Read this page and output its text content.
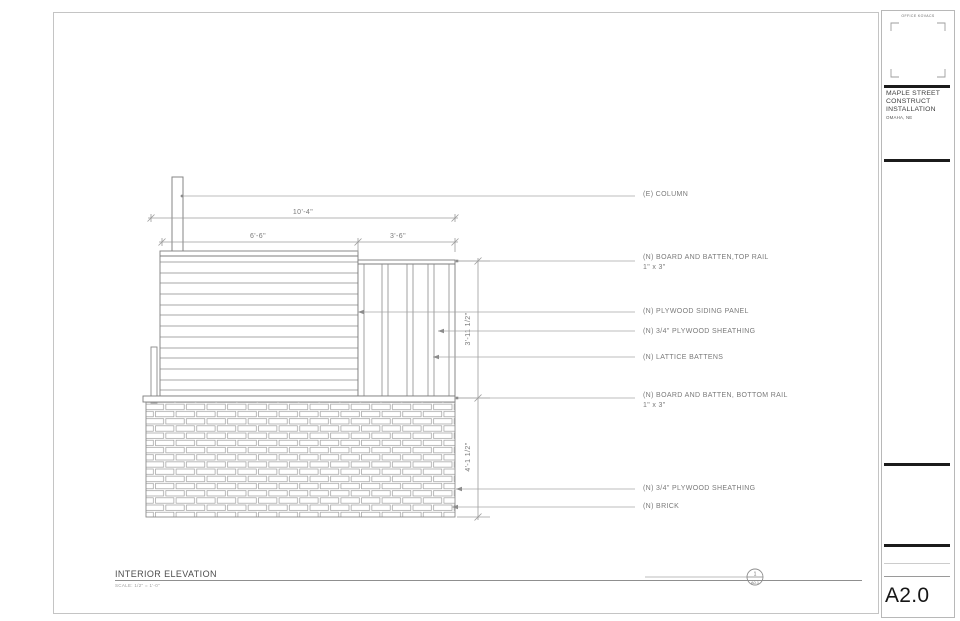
10'-4"
6'-6"	3'-6"
3'-11 1/2"
4'-1 1/2"
1
A0.1
(E) COLUMN
(N) BOARD AND BATTEN,TOP RAIL
1" x 3"
(N) PLYWOOD SIDING PANEL
(N) 3/4" PLYWOOD SHEATHING
(N) LATTICE BATTENS
(N) BOARD AND BATTEN, BOTTOM RAIL
1" x 3"
(N) 3/4" PLYWOOD SHEATHING
(N) BRICK
INTERIOR ELEVATION
SCALE: 1/2" = 1'-0"
OFFICE KOVACS
MAPLE STREET
CONSTRUCT
INSTALLATION
OMAHA, NE
A2.0
